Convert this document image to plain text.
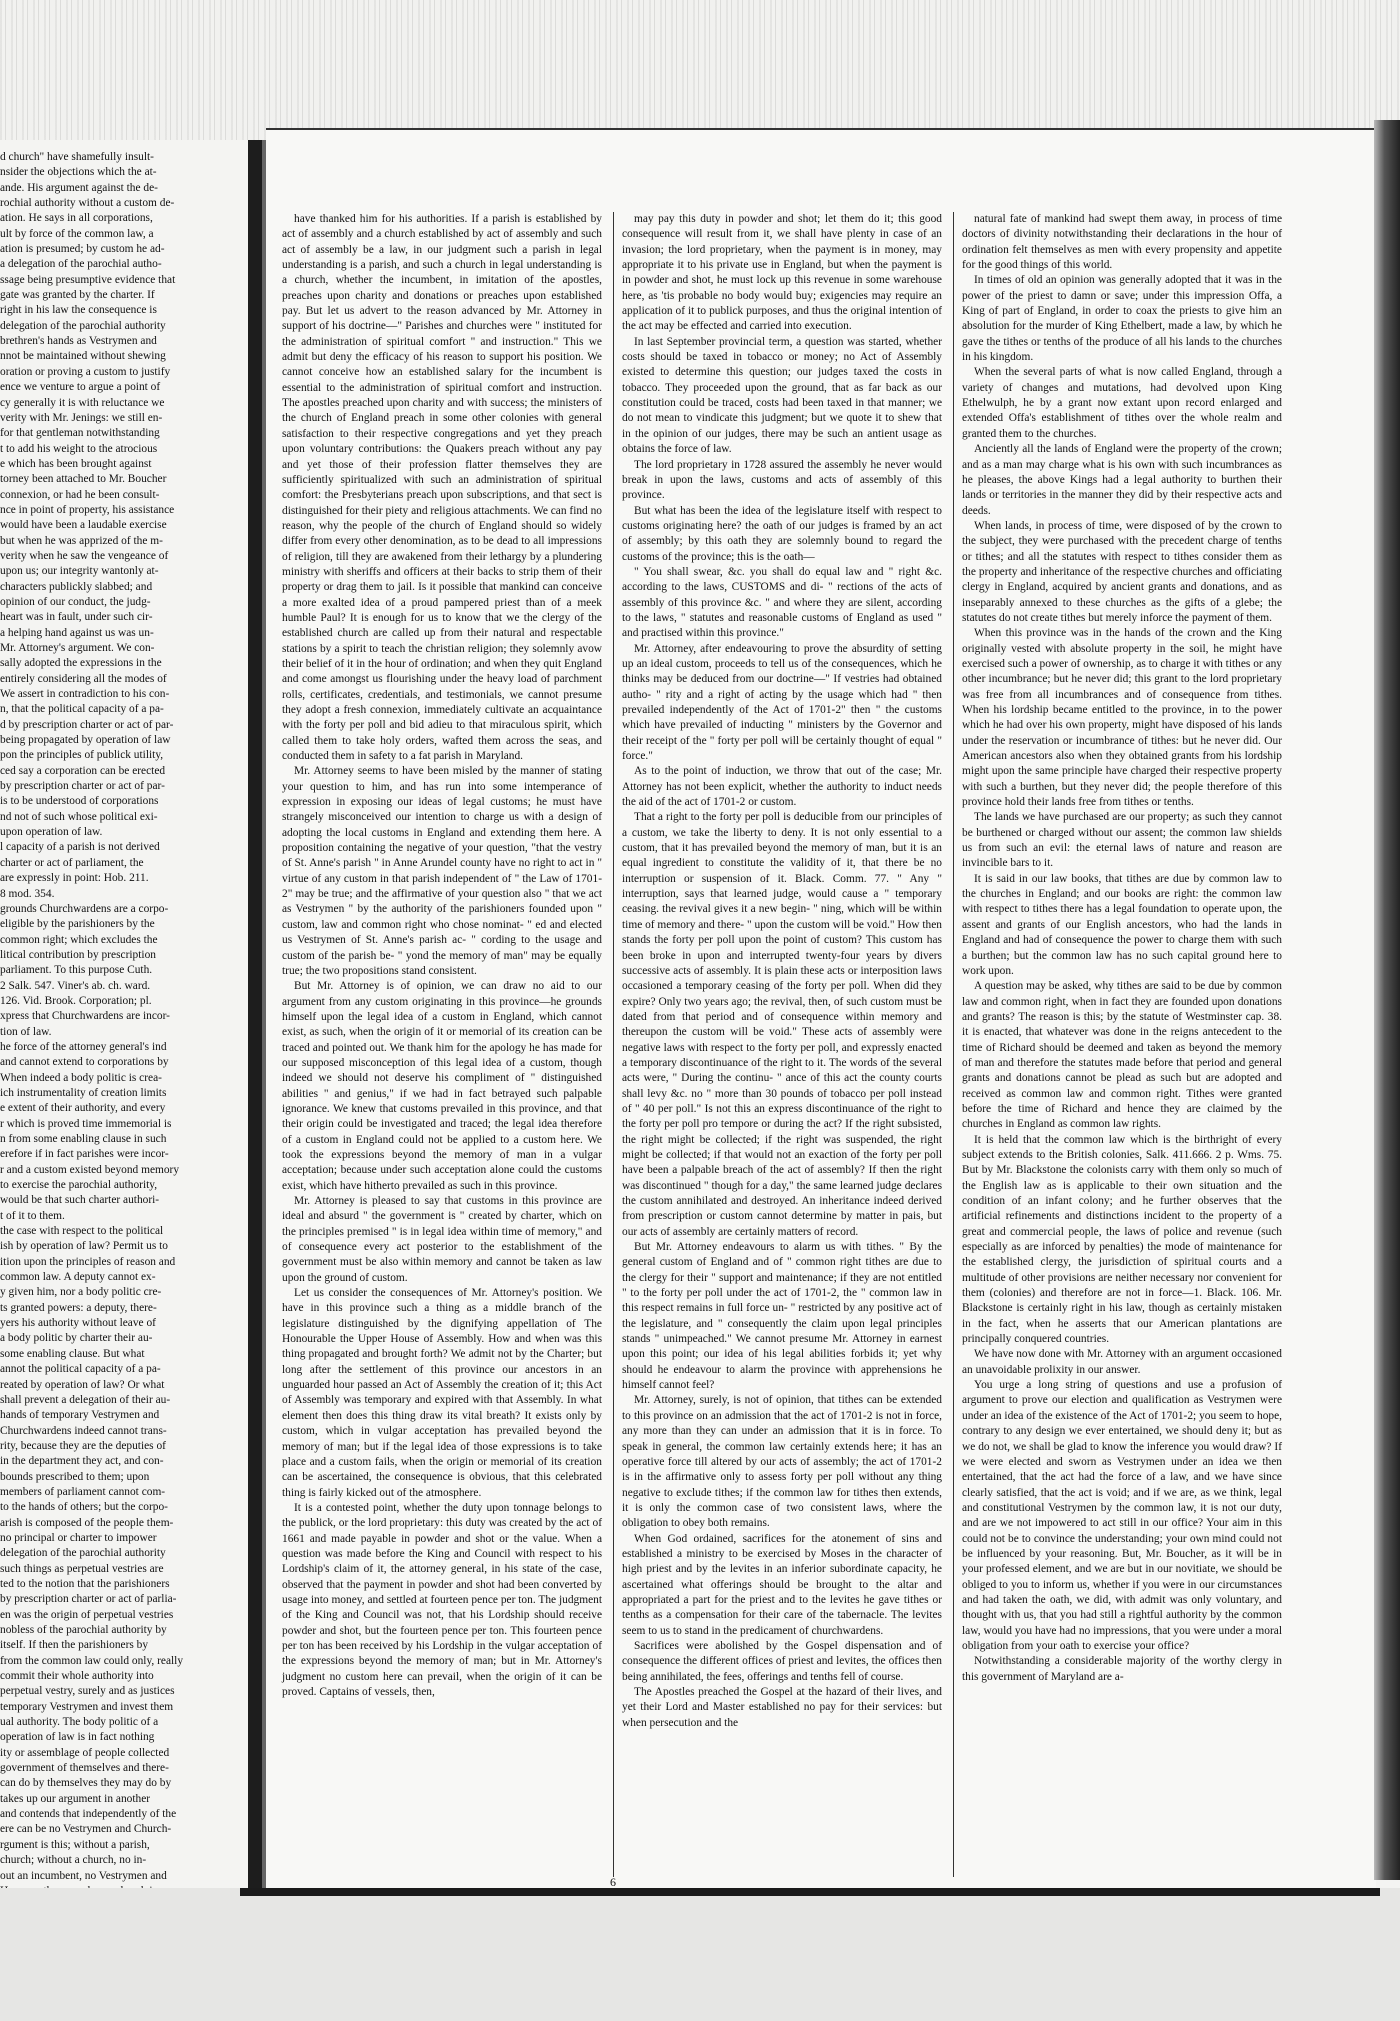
d church" have shamefully insult-
nsider the objections which the at-
ande. His argument against the de-
rochial authority without a custom de-
ation. He says in all corporations,
ult by force of the common law, a
ation is presumed; by custom he ad-
a delegation of the parochial autho-
ssage being presumptive evidence that
gate was granted by the charter. If
right in his law the consequence is
delegation of the parochial authority
brethren's hands as Vestrymen and
nnot be maintained without shewing
oration or proving a custom to justify
ence we venture to argue a point of
cy generally it is with reluctance we
verity with Mr. Jenings: we still en-
for that gentleman notwithstanding
t to add his weight to the atrocious
e which has been brought against
torney been attached to Mr. Boucher
connexion, or had he been consult-
nce in point of property, his assistance
would have been a laudable exercise
but when he was apprized of the m-
verity when he saw the vengeance of
upon us; our integrity wantonly at-
characters publickly slabbed; and
opinion of our conduct, the judg-
heart was in fault, under such cir-
a helping hand against us was un-
Mr. Attorney's argument. We con-
sally adopted the expressions in the
entirely considering all the modes of
We assert in contradiction to his con-
n, that the political capacity of a pa-
d by prescription charter or act of par-
being propagated by operation of law
pon the principles of publick utility,
ced say a corporation can be erected
by prescription charter or act of par-
is to be understood of corporations
nd not of such whose political exi-
upon operation of law.
l capacity of a parish is not derived
charter or act of parliament, the
are expressly in point: Hob. 211.
8 mod. 354.
grounds Churchwardens are a corpo-
eligible by the parishioners by the
common right; which excludes the
litical contribution by prescription
parliament. To this purpose Cuth.
2 Salk. 547. Viner's ab. ch. ward.
126. Vid. Brook. Corporation; pl.
xpress that Churchwardens are incor-
tion of law.
he force of the attorney general's ind
and cannot extend to corporations by
When indeed a body politic is crea-
ich instrumentality of creation limits
e extent of their authority, and every
r which is proved time immemorial is
n from some enabling clause in such
erefore if in fact parishes were incor-
r and a custom existed beyond memory
to exercise the parochial authority,
would be that such charter authori-
t of it to them.
the case with respect to the political
ish by operation of law? Permit us to
ition upon the principles of reason and
common law. A deputy cannot ex-
y given him, nor a body politic cre-
ts granted powers: a deputy, there-
yers his authority without leave of
a body politic by charter their au-
some enabling clause. But what
annot the political capacity of a pa-
reated by operation of law? Or what
shall prevent a delegation of their au-
hands of temporary Vestrymen and
Churchwardens indeed cannot trans-
rity, because they are the deputies of
in the department they act, and con-
bounds prescribed to them; upon
members of parliament cannot com-
to the hands of others; but the corpo-
arish is composed of the people them-
no principal or charter to impower
delegation of the parochial authority
such things as perpetual vestries are
ted to the notion that the parishioners
by prescription charter or act of parlia-
en was the origin of perpetual vestries
nobless of the parochial authority by
itself. If then the parishioners by
from the common law could only, really
commit their whole authority into
perpetual vestry, surely and as justices
temporary Vestrymen and invest them
ual authority. The body politic of a
operation of law is in fact nothing
ity or assemblage of people collected
government of themselves and there-
can do by themselves they may do by
takes up our argument in another
and contends that independently of the
ere can be no Vestrymen and Church-
rgument is this; without a parish,
church; without a church, no in-
out an incumbent, no Vestrymen and

have thanked him for his authorities. If a parish is established by act of assembly and a church established by act of assembly and such act of assembly be a law, in our judgment such a parish in legal understanding is a parish, and such a church in legal understanding is a church, whether the incumbent, in imitation of the apostles, preaches upon charity and donations or preaches upon established pay. But let us advert to the reason advanced by Mr. Attorney in support of his doctrine—" Parishes and churches were " instituted for the administration of spiritual comfort " and instruction." This we admit but deny the efficacy of his reason to support his position. We cannot conceive how an established salary for the incumbent is essential to the administration of spiritual comfort and instruction. The apostles preached upon charity and with success; the ministers of the church of England preach in some other colonies with general satisfaction to their respective congregations and yet they preach upon voluntary contributions: the Quakers preach without any pay and yet those of their profession flatter themselves they are sufficiently spiritualized with such an administration of spiritual comfort: the Presbyterians preach upon subscriptions, and that sect is distinguished for their piety and religious attachments. We can find no reason, why the people of the church of England should so widely differ from every other denomination, as to be dead to all impressions of religion, till they are awakened from their lethargy by a plundering ministry with sheriffs and officers at their backs to strip them of their property or drag them to jail. Is it possible that mankind can conceive a more exalted idea of a proud pampered priest than of a meek humble Paul? It is enough for us to know that we the clergy of the established church are called up from their natural and respectable stations by a spirit to teach the christian religion; they solemnly avow their belief of it in the hour of ordination; and when they quit England and come amongst us flourishing under the heavy load of parchment rolls, certificates, credentials, and testimonials, we cannot presume they adopt a fresh connexion, immediately cultivate an acquaintance with the forty per poll and bid adieu to that miraculous spirit, which called them to take holy orders, wafted them across the seas, and conducted them in safety to a fat parish in Maryland.

Mr. Attorney seems to have been misled by the manner of stating your question to him, and has run into some intemperance of expression in exposing our ideas of legal customs; he must have strangely misconceived our intention to charge us with a design of adopting the local customs in England and extending them here. A proposition containing the negative of your question, "that the vestry of St. Anne's parish " in Anne Arundel county have no right to act in " virtue of any custom in that parish independent of " the Law of 1701-2" may be true; and the affirmative of your question also " that we act as Vestrymen " by the authority of the parishioners founded upon " custom, law and common right who chose nominat- " ed and elected us Vestrymen of St. Anne's parish ac- " cording to the usage and custom of the parish be- " yond the memory of man" may be equally true; the two propositions stand consistent.

But Mr. Attorney is of opinion, we can draw no aid to our argument from any custom originating in this province—he grounds himself upon the legal idea of a custom in England, which cannot exist, as such, when the origin of it or memorial of its creation can be traced and pointed out. We thank him for the apology he has made for our supposed misconception of this legal idea of a custom, though indeed we should not deserve his compliment of " distinguished abilities " and genius," if we had in fact betrayed such palpable ignorance. We knew that customs prevailed in this province, and that their origin could be investigated and traced; the legal idea therefore of a custom in England could not be applied to a custom here. We took the expressions beyond the memory of man in a vulgar acceptation; because under such acceptation alone could the customs exist, which have hitherto prevailed as such in this province.

Mr. Attorney is pleased to say that customs in this province are ideal and absurd " the government is " created by charter, which on the principles premised " is in legal idea within time of memory," and of consequence every act posterior to the establishment of the government must be also within memory and cannot be taken as law upon the ground of custom.

Let us consider the consequences of Mr. Attorney's position. We have in this province such a thing as a middle branch of the legislature distinguished by the dignifying appellation of The Honourable the Upper House of Assembly. How and when was this thing propagated and brought forth? We admit not by the Charter; but long after the settlement of this province our ancestors in an unguarded hour passed an Act of Assembly the creation of it; this Act of Assembly was temporary and expired with that Assembly. In what element then does this thing draw its vital breath? It exists only by custom, which in vulgar acceptation has prevailed beyond the memory of man; but if the legal idea of those expressions is to take place and a custom fails, when the origin or memorial of its creation can be ascertained, the consequence is obvious, that this celebrated thing is fairly kicked out of the atmosphere.

It is a contested point, whether the duty upon tonnage belongs to the publick, or the lord proprietary: this duty was created by the act of 1661 and made payable in powder and shot or the value. When a question was made before the King and Council with respect to his Lordship's claim of it, the attorney general, in his state of the case, observed that the payment in powder and shot had been converted by usage into money, and settled at fourteen pence per ton. The judgment of the King and Council was not, that his Lordship should receive powder and shot, but the fourteen pence per ton. This fourteen pence per ton has been received by his Lordship in the vulgar acceptation of the expressions beyond the memory of man; but in Mr. Attorney's judgment no custom here can prevail, when the origin of it can be proved. Captains of vessels, then,

may pay this duty in powder and shot; let them do it; this good consequence will result from it, we shall have plenty in case of an invasion; the lord proprietary, when the payment is in money, may appropriate it to his private use in England, but when the payment is in powder and shot, he must lock up this revenue in some warehouse here, as 'tis probable no body would buy; exigencies may require an application of it to publick purposes, and thus the original intention of the act may be effected and carried into execution.

In last September provincial term, a question was started, whether costs should be taxed in tobacco or money; no Act of Assembly existed to determine this question; our judges taxed the costs in tobacco. They proceeded upon the ground, that as far back as our constitution could be traced, costs had been taxed in that manner; we do not mean to vindicate this judgment; but we quote it to shew that in the opinion of our judges, there may be such an antient usage as obtains the force of law.

The lord proprietary in 1728 assured the assembly he never would break in upon the laws, customs and acts of assembly of this province.

But what has been the idea of the legislature itself with respect to customs originating here? the oath of our judges is framed by an act of assembly; by this oath they are solemnly bound to regard the customs of the province; this is the oath—

" You shall swear, &c. you shall do equal law and " right &c. according to the laws, CUSTOMS and di- " rections of the acts of assembly of this province &c. " and where they are silent, according to the laws, " statutes and reasonable customs of England as used " and practised within this province."

Mr. Attorney, after endeavouring to prove the absurdity of setting up an ideal custom, proceeds to tell us of the consequences, which he thinks may be deduced from our doctrine—" If vestries had obtained autho- " rity and a right of acting by the usage which had " then prevailed independently of the Act of 1701-2" then " the customs which have prevailed of inducting " ministers by the Governor and their receipt of the " forty per poll will be certainly thought of equal " force."

As to the point of induction, we throw that out of the case; Mr. Attorney has not been explicit, whether the authority to induct needs the aid of the act of 1701-2 or custom.

That a right to the forty per poll is deducible from our principles of a custom, we take the liberty to deny. It is not only essential to a custom, that it has prevailed beyond the memory of man, but it is an equal ingredient to constitute the validity of it, that there be no interruption or suspension of it. Black. Comm. 77. " Any " interruption, says that learned judge, would cause a " temporary ceasing. the revival gives it a new begin- " ning, which will be within time of memory and there- " upon the custom will be void." How then stands the forty per poll upon the point of custom? This custom has been broke in upon and interrupted twenty-four years by divers successive acts of assembly. It is plain these acts or interposition laws occasioned a temporary ceasing of the forty per poll. When did they expire? Only two years ago; the revival, then, of such custom must be dated from that period and of consequence within memory and thereupon the custom will be void." These acts of assembly were negative laws with respect to the forty per poll, and expressly enacted a temporary discontinuance of the right to it. The words of the several acts were, " During the continu- " ance of this act the county courts shall levy &c. no " more than 30 pounds of tobacco per poll instead of " 40 per poll." Is not this an express discontinuance of the right to the forty per poll pro tempore or during the act? If the right subsisted, the right might be collected; if the right was suspended, the right might be collected; if that would not an exaction of the forty per poll have been a palpable breach of the act of assembly? If then the right was discontinued " though for a day," the same learned judge declares the custom annihilated and destroyed. An inheritance indeed derived from prescription or custom cannot determine by matter in pais, but our acts of assembly are certainly matters of record.

But Mr. Attorney endeavours to alarm us with tithes. " By the general custom of England and of " common right tithes are due to the clergy for their " support and maintenance; if they are not entitled " to the forty per poll under the act of 1701-2, the " common law in this respect remains in full force un- " restricted by any positive act of the legislature, and " consequently the claim upon legal principles stands " unimpeached." We cannot presume Mr. Attorney in earnest upon this point; our idea of his legal abilities forbids it; yet why should he endeavour to alarm the province with apprehensions he himself cannot feel?

Mr. Attorney, surely, is not of opinion, that tithes can be extended to this province on an admission that the act of 1701-2 is not in force, any more than they can under an admission that it is in force. To speak in general, the common law certainly extends here; it has an operative force till altered by our acts of assembly; the act of 1701-2 is in the affirmative only to assess forty per poll without any thing negative to exclude tithes; if the common law for tithes then extends, it is only the common case of two consistent laws, where the obligation to obey both remains.

When God ordained, sacrifices for the atonement of sins and established a ministry to be exercised by Moses in the character of high priest and by the levites in an inferior subordinate capacity, he ascertained what offerings should be brought to the altar and appropriated a part for the priest and to the levites he gave tithes or tenths as a compensation for their care of the tabernacle. The levites seem to us to stand in the predicament of churchwardens.

Sacrifices were abolished by the Gospel dispensation and of consequence the different offices of priest and levites, the offices then being annihilated, the fees, offerings and tenths fell of course.

The Apostles preached the Gospel at the hazard of their lives, and yet their Lord and Master established no pay for their services: but when persecution and the

natural fate of mankind had swept them away, in process of time doctors of divinity notwithstanding their declarations in the hour of ordination felt themselves as men with every propensity and appetite for the good things of this world.

In times of old an opinion was generally adopted that it was in the power of the priest to damn or save; under this impression Offa, a King of part of England, in order to coax the priests to give him an absolution for the murder of King Ethelbert, made a law, by which he gave the tithes or tenths of the produce of all his lands to the churches in his kingdom.

When the several parts of what is now called England, through a variety of changes and mutations, had devolved upon King Ethelwulph, he by a grant now extant upon record enlarged and extended Offa's establishment of tithes over the whole realm and granted them to the churches.

Anciently all the lands of England were the property of the crown; and as a man may charge what is his own with such incumbrances as he pleases, the above Kings had a legal authority to burthen their lands or territories in the manner they did by their respective acts and deeds.

When lands, in process of time, were disposed of by the crown to the subject, they were purchased with the precedent charge of tenths or tithes; and all the statutes with respect to tithes consider them as the property and inheritance of the respective churches and officiating clergy in England, acquired by ancient grants and donations, and as inseparably annexed to these churches as the gifts of a glebe; the statutes do not create tithes but merely inforce the payment of them.

When this province was in the hands of the crown and the King originally vested with absolute property in the soil, he might have exercised such a power of ownership, as to charge it with tithes or any other incumbrance; but he never did; this grant to the lord proprietary was free from all incumbrances and of consequence from tithes. When his lordship became entitled to the province, in to the power which he had over his own property, might have disposed of his lands under the reservation or incumbrance of tithes: but he never did. Our American ancestors also when they obtained grants from his lordship might upon the same principle have charged their respective property with such a burthen, but they never did; the people therefore of this province hold their lands free from tithes or tenths.

The lands we have purchased are our property; as such they cannot be burthened or charged without our assent; the common law shields us from such an evil: the eternal laws of nature and reason are invincible bars to it.

It is said in our law books, that tithes are due by common law to the churches in England; and our books are right: the common law with respect to tithes there has a legal foundation to operate upon, the assent and grants of our English ancestors, who had the lands in England and had of consequence the power to charge them with such a burthen; but the common law has no such capital ground here to work upon.

A question may be asked, why tithes are said to be due by common law and common right, when in fact they are founded upon donations and grants? The reason is this; by the statute of Westminster cap. 38. it is enacted, that whatever was done in the reigns antecedent to the time of Richard should be deemed and taken as beyond the memory of man and therefore the statutes made before that period and general grants and donations cannot be plead as such but are adopted and received as common law and common right. Tithes were granted before the time of Richard and hence they are claimed by the churches in England as common law rights.

It is held that the common law which is the birthright of every subject extends to the British colonies, Salk. 411.666. 2 p. Wms. 75. But by Mr. Blackstone the colonists carry with them only so much of the English law as is applicable to their own situation and the condition of an infant colony; and he further observes that the artificial refinements and distinctions incident to the property of a great and commercial people, the laws of police and revenue (such especially as are inforced by penalties) the mode of maintenance for the established clergy, the jurisdiction of spiritual courts and a multitude of other provisions are neither necessary nor convenient for them (colonies) and therefore are not in force—1. Black. 106. Mr. Blackstone is certainly right in his law, though as certainly mistaken in the fact, when he asserts that our American plantations are principally conquered countries.

We have now done with Mr. Attorney with an argument occasioned an unavoidable prolixity in our answer.

You urge a long string of questions and use a profusion of argument to prove our election and qualification as Vestrymen were under an idea of the existence of the Act of 1701-2; you seem to hope, contrary to any design we ever entertained, we should deny it; but as we do not, we shall be glad to know the inference you would draw? If we were elected and sworn as Vestrymen under an idea we then entertained, that the act had the force of a law, and we have since clearly satisfied, that the act is void; and if we are, as we think, legal and constitutional Vestrymen by the common law, it is not our duty, and are we not impowered to act still in our office? Your aim in this could not be to convince the understanding; your own mind could not be influenced by your reasoning. But, Mr. Boucher, as it will be in your professed element, and we are but in our novitiate, we should be obliged to you to inform us, whether if you were in our circumstances and had taken the oath, we did, with admit was only voluntary, and thought with us, that you had still a rightful authority by the common law, would you have had no impressions, that you were under a moral obligation from your oath to exercise your office?

Notwithstanding a considerable majority of the worthy clergy in this government of Maryland are a-

6
